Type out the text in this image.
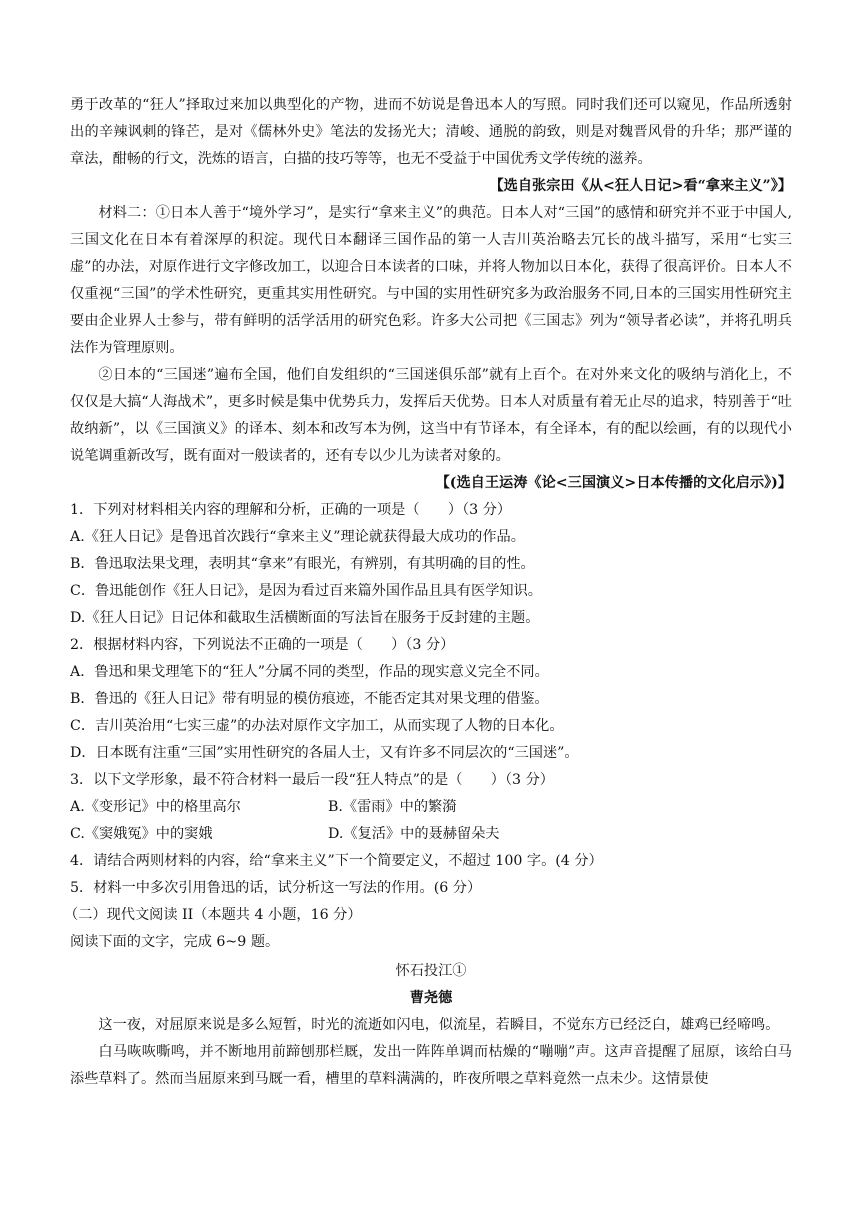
勇于改革的“狂人”择取过来加以典型化的产物，进而不妨说是鲁迅本人的写照。同时我们还可以窥见，作品所透射出的辛辣讽刺的锋芒，是对《儒林外史》笔法的发扬光大；清峻、通脱的韵致，则是对魏晋风骨的升华；那严谨的章法，酣畅的行文，洗炼的语言，白描的技巧等等，也无不受益于中国优秀文学传统的滋养。

【选自张宗田《从<狂人日记>看“拿来主义”》】

材料二：①日本人善于“境外学习”，是实行“拿来主义”的典范。日本人对“三国”的感情和研究并不亚于中国人,三国文化在日本有着深厚的积淀。现代日本翻译三国作品的第一人吉川英治略去冗长的战斗描写，采用“七实三虚”的办法，对原作进行文字修改加工，以迎合日本读者的口味，并将人物加以日本化，获得了很高评价。日本人不仅重视“三国”的学术性研究，更重其实用性研究。与中国的实用性研究多为政治服务不同,日本的三国实用性研究主要由企业界人士参与，带有鲜明的活学活用的研究色彩。许多大公司把《三国志》列为“领导者必读”，并将孔明兵法作为管理原则。

②日本的“三国迷”遍布全国，他们自发组织的“三国迷俱乐部”就有上百个。在对外来文化的吸纳与消化上，不仅仅是大搞“人海战术”，更多时候是集中优势兵力，发挥后天优势。日本人对质量有着无止尽的追求，特别善于“吐故纳新”，以《三国演义》的译本、刻本和改写本为例，这当中有节译本，有全译本，有的配以绘画，有的以现代小说笔调重新改写，既有面对一般读者的，还有专以少儿为读者对象的。

【(选自王运涛《论<三国演义>日本传播的文化启示》)】

1．下列对材料相关内容的理解和分析，正确的一项是（　　）（3 分）

A.《狂人日记》是鲁迅首次践行“拿来主义”理论就获得最大成功的作品。

B．鲁迅取法果戈理，表明其“拿来”有眼光，有辨别，有其明确的目的性。

C．鲁迅能创作《狂人日记》，是因为看过百来篇外国作品且具有医学知识。

D.《狂人日记》日记体和截取生活横断面的写法旨在服务于反封建的主题。

2．根据材料内容，下列说法不正确的一项是（　　）（3 分）

A．鲁迅和果戈理笔下的“狂人”分属不同的类型，作品的现实意义完全不同。

B．鲁迅的《狂人日记》带有明显的模仿痕迹，不能否定其对果戈理的借鉴。

C．吉川英治用“七实三虚”的办法对原作文字加工，从而实现了人物的日本化。

D．日本既有注重“三国”实用性研究的各届人士，又有许多不同层次的“三国迷”。

3．以下文学形象，最不符合材料一最后一段“狂人特点”的是（　　）（3 分）

A.《变形记》中的格里高尔	B.《雷雨》中的繁漪

C.《窦娥冤》中的窦娥	D.《复活》中的聂赫留朵夫

4．请结合两则材料的内容，给“拿来主义”下一个简要定义，不超过 100 字。(4 分）

5．材料一中多次引用鲁迅的话，试分析这一写法的作用。(6 分）

（二）现代文阅读 II（本题共 4 小题，16 分）

阅读下面的文字，完成 6~9 题。

怀石投江①

曹尧德

这一夜，对屈原来说是多么短暂，时光的流逝如闪电，似流星，若瞬目，不觉东方已经泛白，雄鸡已经啼鸣。

白马咴咴嘶鸣，并不断地用前蹄刨那栏厩，发出一阵阵单调而枯燥的“嘣嘣”声。这声音提醒了屈原，该给白马添些草料了。然而当屈原来到马厩一看，槽里的草料满满的，昨夜所喂之草料竟然一点未少。这情景使
